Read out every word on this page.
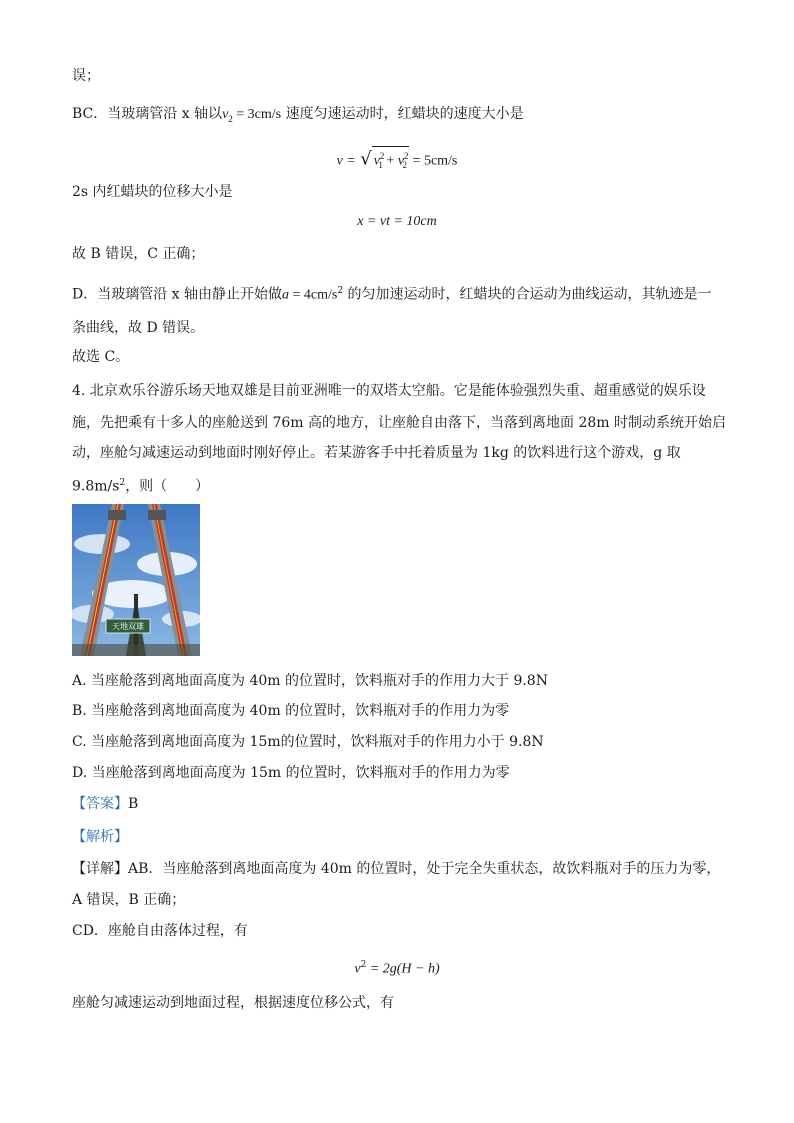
误；
BC．当玻璃管沿 x 轴以$v_2 = 3cm/s$ 速度匀速运动时，红蜡块的速度大小是
v = √ $v^2_1 + v^2_2 = 5cm/s$
2s 内红蜡块的位移大小是
x = vt = 10cm
故 B 错误，C 正确；
D．当玻璃管沿 x 轴由静止开始做$a = 4cm/s^2$ 的匀加速运动时，红蜡块的合运动为曲线运动，其轨迹是一
条曲线，故 D 错误。
故选 C。
4. 北京欢乐谷游乐场天地双雄是目前亚洲唯一的双塔太空船。它是能体验强烈失重、超重感觉的娱乐设
施，先把乘有十多人的座舱送到 76m 高的地方，让座舱自由落下，当落到离地面 28m 时制动系统开始启
动，座舱匀减速运动到地面时刚好停止。若某游客手中托着质量为 1kg 的饮料进行这个游戏，g 取
$9.8m/s^2$，则（　　）
天地双雄
A. 当座舱落到离地面高度为 40m 的位置时，饮料瓶对手的作用力大于 9.8N
B. 当座舱落到离地面高度为 40m 的位置时，饮料瓶对手的作用力为零
C. 当座舱落到离地面高度为 15m的位置时，饮料瓶对手的作用力小于 9.8N
D. 当座舱落到离地面高度为 15m 的位置时，饮料瓶对手的作用力为零
【答案】B
【解析】
【详解】AB．当座舱落到离地面高度为 40m 的位置时，处于完全失重状态，故饮料瓶对手的压力为零，
A 错误，B 正确；
CD．座舱自由落体过程，有
$v^2 = 2g(H - h)$
座舱匀减速运动到地面过程，根据速度位移公式，有
